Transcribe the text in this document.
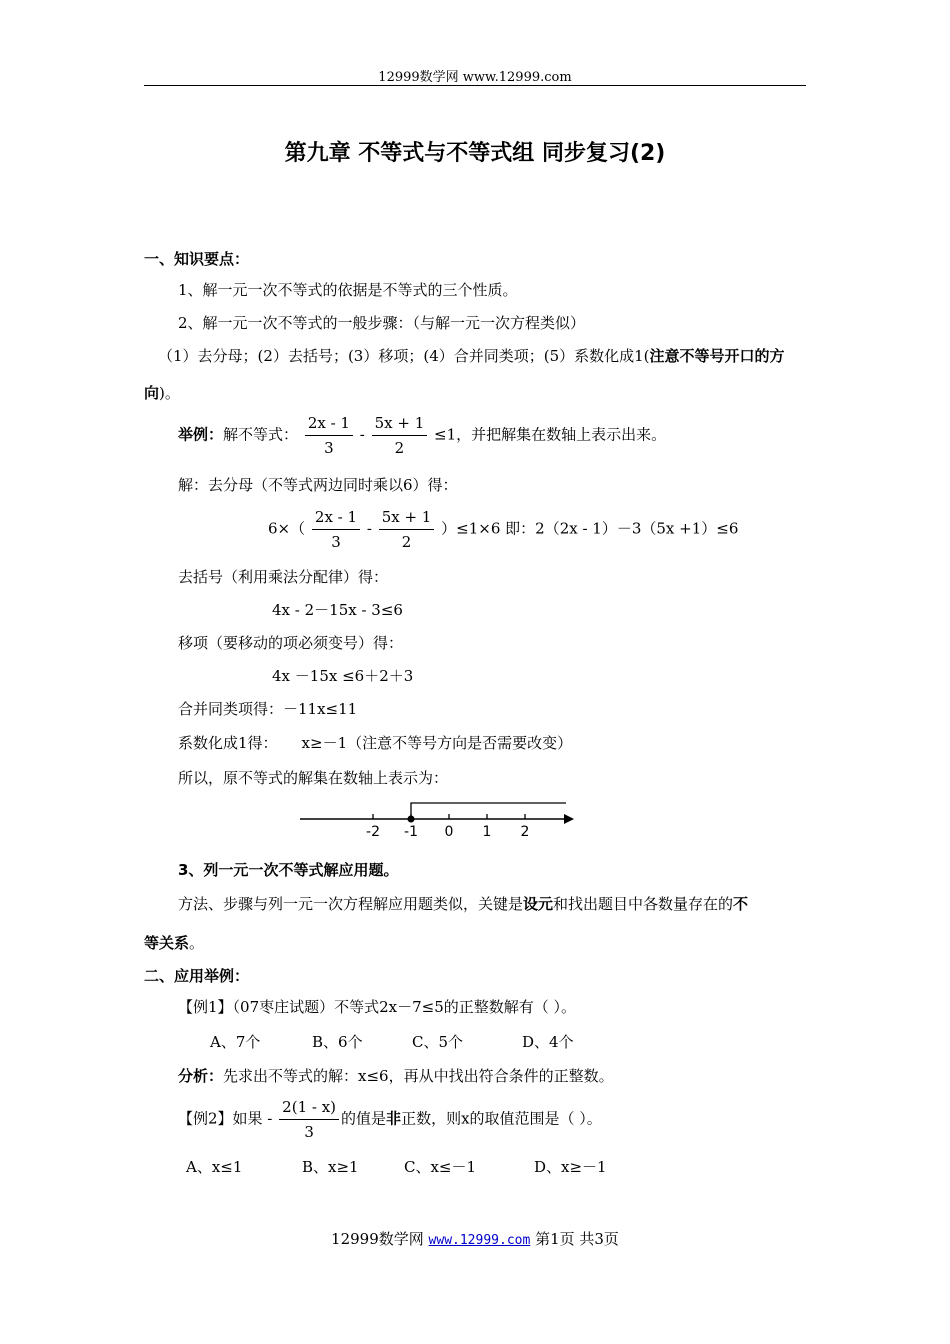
12999数学网 www.12999.com
第九章 不等式与不等式组 同步复习(2)
一、知识要点：
1、解一元一次不等式的依据是不等式的三个性质。
2、解一元一次不等式的一般步骤：（与解一元一次方程类似）
（1）去分母；(2）去括号；(3）移项；(4）合并同类项；(5）系数化成1(注意不等号开口的方
向)。
举例：解不等式： $\frac{2x - 1}{3} - \frac{5x + 1}{2} \le 1$，并把解集在数轴上表示出来。
解：去分母（不等式两边同时乘以6）得：
$6\times( \frac{2x - 1}{3} - \frac{5x + 1}{2} )\le 1\times 6$ 即：2（2x - 1）－3（5x +1）≤6
去括号（利用乘法分配律）得：
4x - 2－15x - 3≤6
移项（要移动的项必须变号）得：
4x －15x ≤6＋2＋3
合并同类项得：－11x≤11
系数化成1得： x≥－1（注意不等号方向是否需要改变）
所以，原不等式的解集在数轴上表示为：
-2 -1 0 1 2
3、列一元一次不等式解应用题。
方法、步骤与列一元一次方程解应用题类似，关键是设元和找出题目中各数量存在的不
等关系。
二、应用举例：
【例1】（07枣庄试题）不等式2x－7≤5的正整数解有（ ）。
A、7个	B、6个	C、5个	D、4个
分析：先求出不等式的解：x≤6，再从中找出符合条件的正整数。
【例2】如果 - $\frac{2(1 - x)}{3}$ 的值是非正数，则x的取值范围是（ ）。
A、x≤1	B、x≥1	C、x≤－1	D、x≥－1
12999数学网 www.12999.com 第1页 共3页
